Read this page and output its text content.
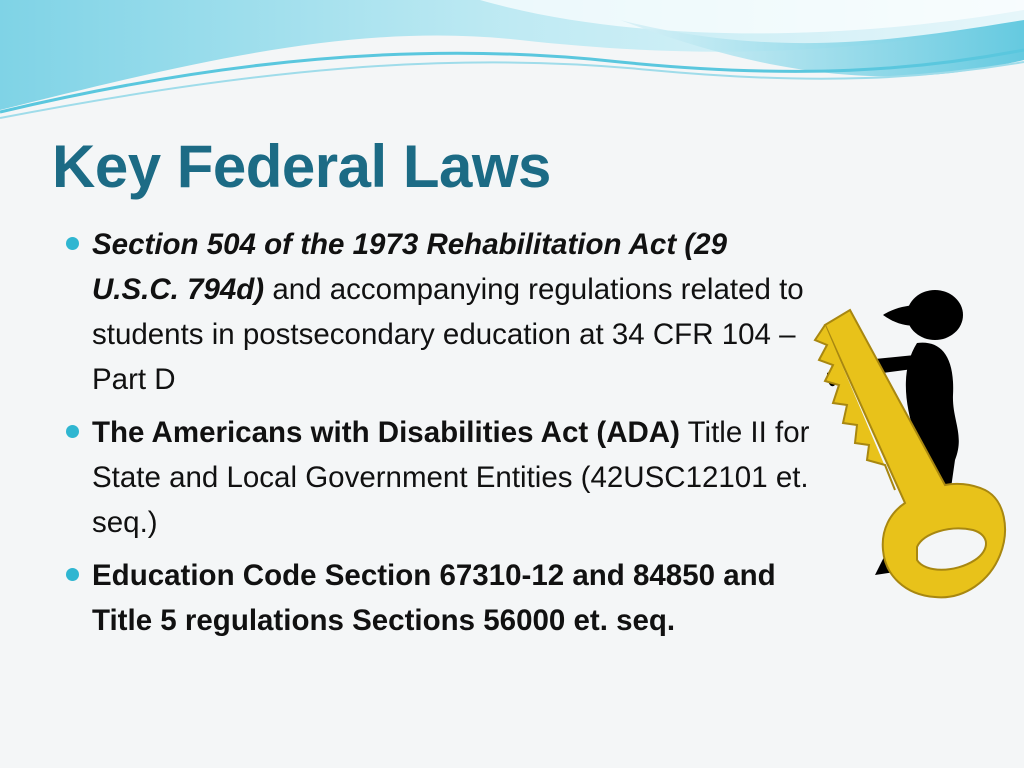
Key Federal Laws
Section 504 of the 1973 Rehabilitation Act (29 U.S.C. 794d) and accompanying regulations related to students in postsecondary education at 34 CFR 104 – Part D
The Americans with Disabilities Act (ADA) Title II for State and Local Government Entities (42USC12101 et. seq.)
Education Code Section 67310-12 and 84850 and Title 5 regulations Sections 56000 et. seq.
